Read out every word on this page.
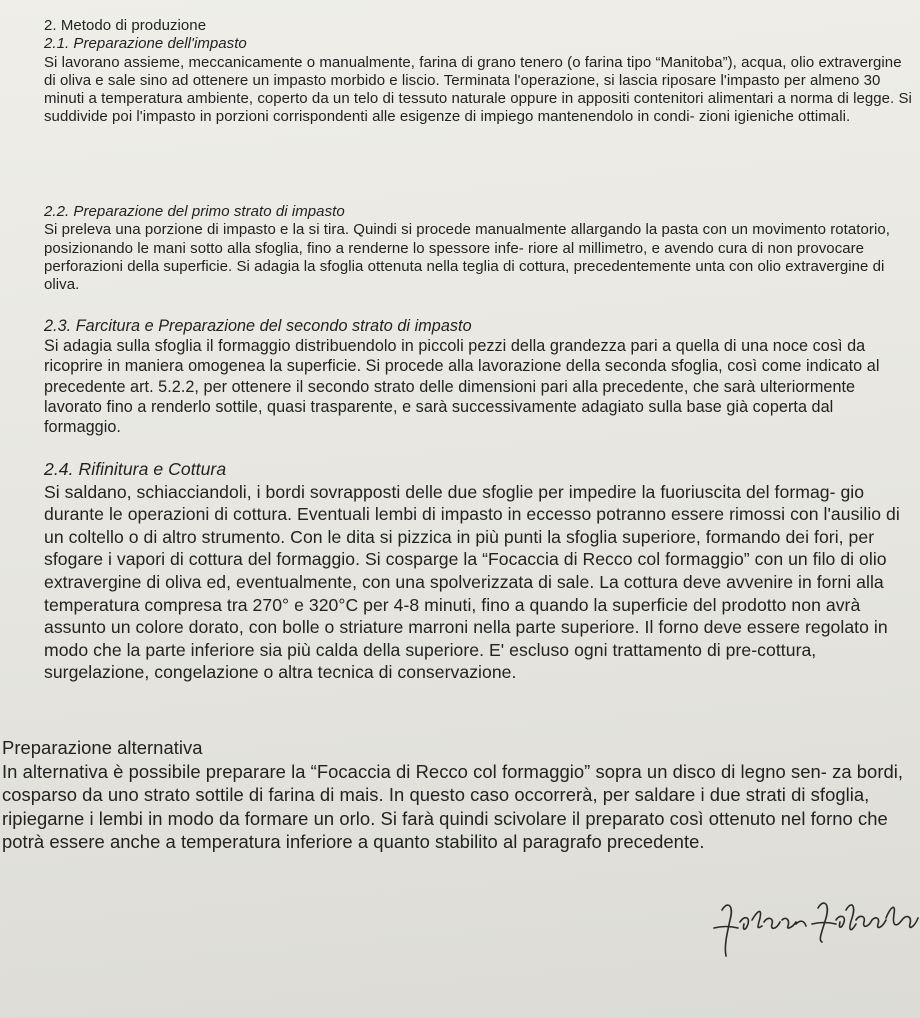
2. Metodo di produzione
2.1. Preparazione dell'impasto

Si lavorano assieme, meccanicamente o manualmente, farina di grano tenero (o farina tipo “Manitoba”), acqua, olio extravergine di oliva e sale sino ad ottenere un impasto morbido e liscio. Terminata l'operazione, si lascia riposare l'impasto per almeno 30 minuti a temperatura ambiente, coperto da un telo di tessuto naturale oppure in appositi contenitori alimentari a norma di legge. Si suddivide poi l'impasto in porzioni corrispondenti alle esigenze di impiego mantenendolo in condi- zioni igieniche ottimali.

2.2. Preparazione del primo strato di impasto

Si preleva una porzione di impasto e la si tira. Quindi si procede manualmente allargando la pasta con un movimento rotatorio, posizionando le mani sotto alla sfoglia, fino a renderne lo spessore infe- riore al millimetro, e avendo cura di non provocare perforazioni della superficie. Si adagia la sfoglia ottenuta nella teglia di cottura, precedentemente unta con olio extravergine di oliva.

2.3. Farcitura e Preparazione del secondo strato di impasto

Si adagia sulla sfoglia il formaggio distribuendolo in piccoli pezzi della grandezza pari a quella di una noce così da ricoprire in maniera omogenea la superficie. Si procede alla lavorazione della seconda sfoglia, così come indicato al precedente art. 5.2.2, per ottenere il secondo strato delle dimensioni pari alla precedente, che sarà ulteriormente lavorato fino a renderlo sottile, quasi trasparente, e sarà successivamente adagiato sulla base già coperta dal formaggio.

2.4. Rifinitura e Cottura

Si saldano, schiacciandoli, i bordi sovrapposti delle due sfoglie per impedire la fuoriuscita del formag- gio durante le operazioni di cottura. Eventuali lembi di impasto in eccesso potranno essere rimossi con l'ausilio di un coltello o di altro strumento. Con le dita si pizzica in più punti la sfoglia superiore, formando dei fori, per sfogare i vapori di cottura del formaggio. Si cosparge la “Focaccia di Recco col formaggio” con un filo di olio extravergine di oliva ed, eventualmente, con una spolverizzata di sale. La cottura deve avvenire in forni alla temperatura compresa tra 270° e 320°C per 4-8 minuti, fino a quando la superficie del prodotto non avrà assunto un colore dorato, con bolle o striature marroni nella parte superiore. Il forno deve essere regolato in modo che la parte inferiore sia più calda della superiore. E' escluso ogni trattamento di pre-cottura, surgelazione, congelazione o altra tecnica di conservazione.

Preparazione alternativa

In alternativa è possibile preparare la “Focaccia di Recco col formaggio” sopra un disco di legno sen- za bordi, cosparso da uno strato sottile di farina di mais. In questo caso occorrerà, per saldare i due strati di sfoglia, ripiegarne i lembi in modo da formare un orlo. Si farà quindi scivolare il preparato così ottenuto nel forno che potrà essere anche a temperatura inferiore a quanto stabilito al paragrafo precedente.
